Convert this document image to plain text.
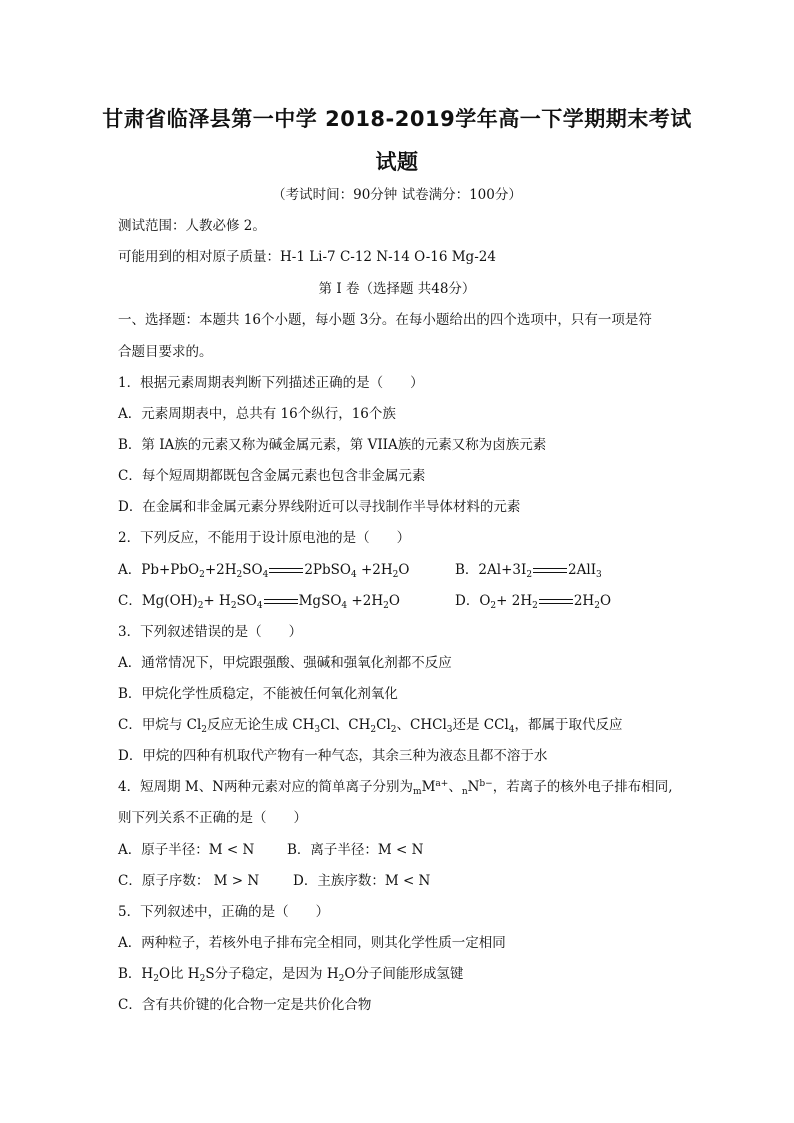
甘肃省临泽县第一中学 2018-2019学年高一下学期期末考试
试题
（考试时间：90分钟 试卷满分：100分）
测试范围：人教必修 2。
可能用到的相对原子质量：H-1 Li-7 C-12 N-14 O-16 Mg-24
第 I 卷（选择题 共48分）
一、选择题：本题共 16个小题，每小题 3分。在每小题给出的四个选项中，只有一项是符
合题目要求的。
1．根据元素周期表判断下列描述正确的是（　　）
A．元素周期表中，总共有 16个纵行，16个族
B．第 IA族的元素又称为碱金属元素，第 VIIA族的元素又称为卤族元素
C．每个短周期都既包含金属元素也包含非金属元素
D．在金属和非金属元素分界线附近可以寻找制作半导体材料的元素
2．下列反应，不能用于设计原电池的是（　　）
A．$Pb+PbO_2+2H_2SO_4$	2PbSO$_4$ $+2H_2O$	B．$2Al+3I_2$	2AlI$_3$
C．$Mg(OH)_2+ H_2SO_4$	MgSO$_4$ $+2H_2O$	D．$O_2+ 2H_2$	$2H_2O$
3．下列叙述错误的是（　　）
A．通常情况下，甲烷跟强酸、强碱和强氧化剂都不反应
B．甲烷化学性质稳定，不能被任何氧化剂氧化
C．甲烷与 $Cl_2$反应无论生成 $CH_3Cl$、$CH_2Cl_2$、CHCl$_3$还是 CCl$_4$，都属于取代反应
D．甲烷的四种有机取代产物有一种气态，其余三种为液态且都不溶于水
4．短周期 M、N两种元素对应的简单离子分别为$_mM^{a+}$、$_nN^{b-}$，若离子的核外电子排布相同,
则下列关系不正确的是（　　）
A．原子半径：M < N B．离子半径：M < N
C．原子序数： M > N	D．主族序数：M < N
5．下列叙述中，正确的是（　　）
A．两种粒子，若核外电子排布完全相同，则其化学性质一定相同
B．$H_2O$比 $H_2S$分子稳定，是因为 $H_2O$分子间能形成氢键
C．含有共价键的化合物一定是共价化合物
